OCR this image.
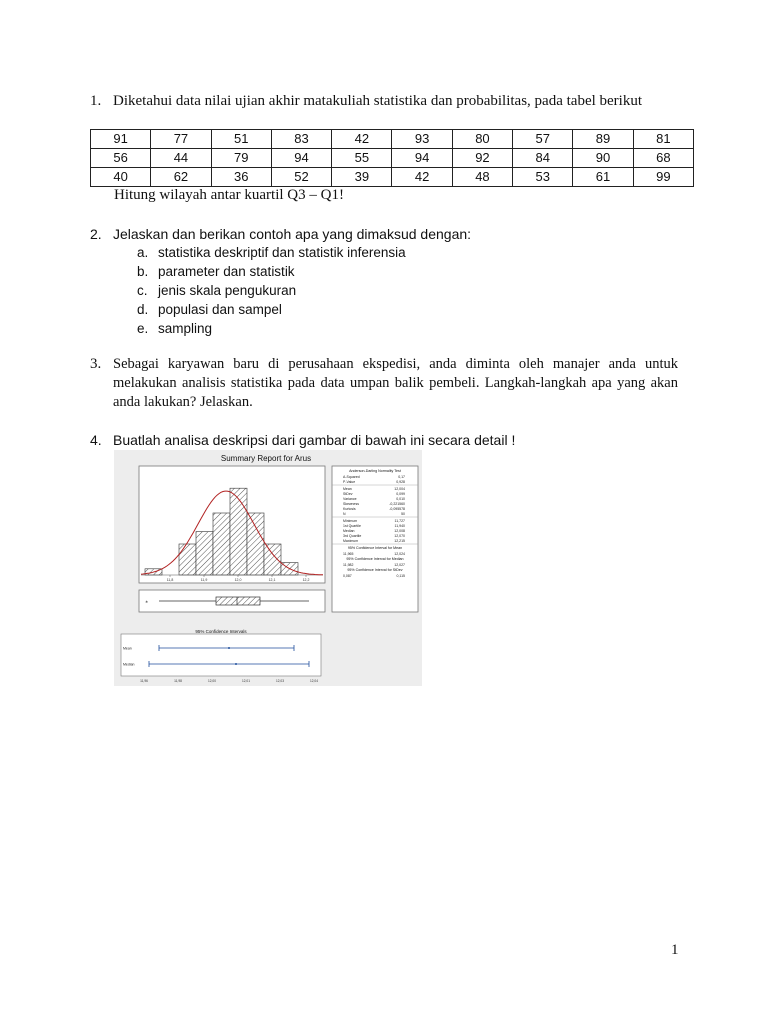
1. Diketahui data nilai ujian akhir matakuliah statistika dan probabilitas, pada tabel berikut
91	77	51	83	42	93	80	57	89	81
56	44	79	94	55	94	92	84	90	68
40	62	36	52	39	42	48	53	61	99
Hitung wilayah antar kuartil Q3 – Q1!
2. Jelaskan dan berikan contoh apa yang dimaksud dengan:
a. statistika deskriptif dan statistik inferensia
b. parameter dan statistik
c. jenis skala pengukuran
d. populasi dan sampel
e. sampling
3. Sebagai karyawan baru di perusahaan ekspedisi, anda diminta oleh manajer anda untuk
melakukan analisis statistika pada data umpan balik pembeli. Langkah-langkah apa yang akan
anda lakukan? Jelaskan.
4. Buatlah analisa deskripsi dari gambar di bawah ini secara detail !
Summary Report for Arus
11,8	11,9	12,0	12,1	12,2
∗
Anderson-Darling Normality Test
A-Squared	0,17
P-Value	0,928
Mean	12,004
StDev	0,099
Variance	0,010
Skewness	-0,221560
Kurtosis	-0,095578
N	50
Minimum	11,727
1st Quartile	11,940
Median	12,008
3rd Quartile	12,070
Maximum	12,215
95% Confidence Interval for Mean
11,965	12,024
95% Confidence Interval for Median
11,982	12,027
95% Confidence Interval for StDev
0,087	0,115
95% Confidence Intervals
Mean
Median
11,96	11,98	12,00	12,01	12,03	12,04
1
